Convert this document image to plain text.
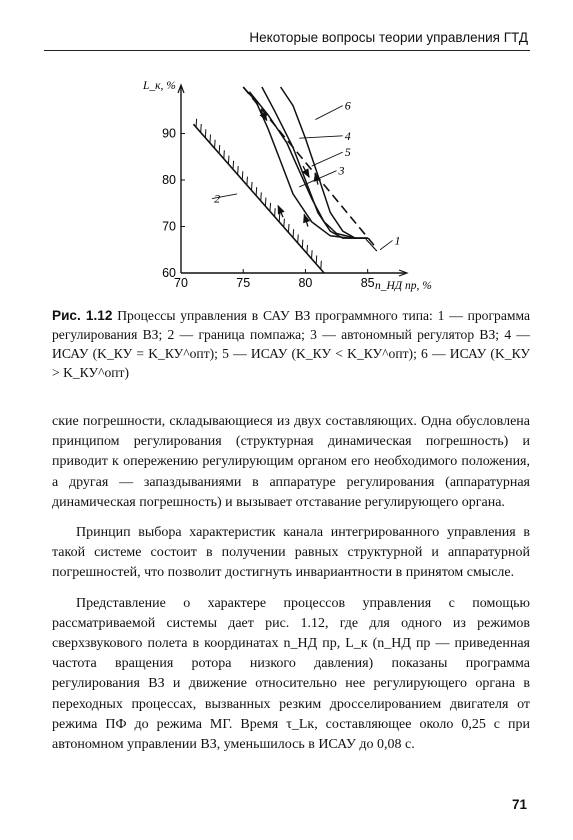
Некоторые вопросы теории управления ГТД
70	75	80	85
60
70
80
90
n_НД пр, %
L_к, %
1
2
3
4
5
6
Рис. 1.12 Процессы управления в САУ ВЗ программного типа: 1 — программа регулирования ВЗ; 2 — граница помпажа; 3 — автономный регулятор ВЗ; 4 — ИСАУ (K_КУ = K_КУ^опт); 5 — ИСАУ (K_КУ < K_КУ^опт); 6 — ИСАУ (K_КУ > K_КУ^опт)

ские погрешности, складывающиеся из двух составляющих. Одна обусловлена принципом регулирования (структурная динамическая погрешность) и приводит к опережению регулирующим органом его необходимого положения, а другая — запаздываниями в аппаратуре регулирования (аппаратурная динамическая погрешность) и вызывает отставание регулирующего органа.

Принцип выбора характеристик канала интегрированного управления в такой системе состоит в получении равных структурной и аппаратурной погрешностей, что позволит достигнуть инвариантности в принятом смысле.

Представление о характере процессов управления с помощью рассматриваемой системы дает рис. 1.12, где для одного из режимов сверхзвукового полета в координатах n_НД пр, L_к (n_НД пр — приведенная частота вращения ротора низкого давления) показаны программа регулирования ВЗ и движение относительно нее регулирующего органа в переходных процессах, вызванных резким дросселированием двигателя от режима ПФ до режима МГ. Время τ_Lк, составляющее около 0,25 с при автономном управлении ВЗ, уменьшилось в ИСАУ до 0,08 с.

71
